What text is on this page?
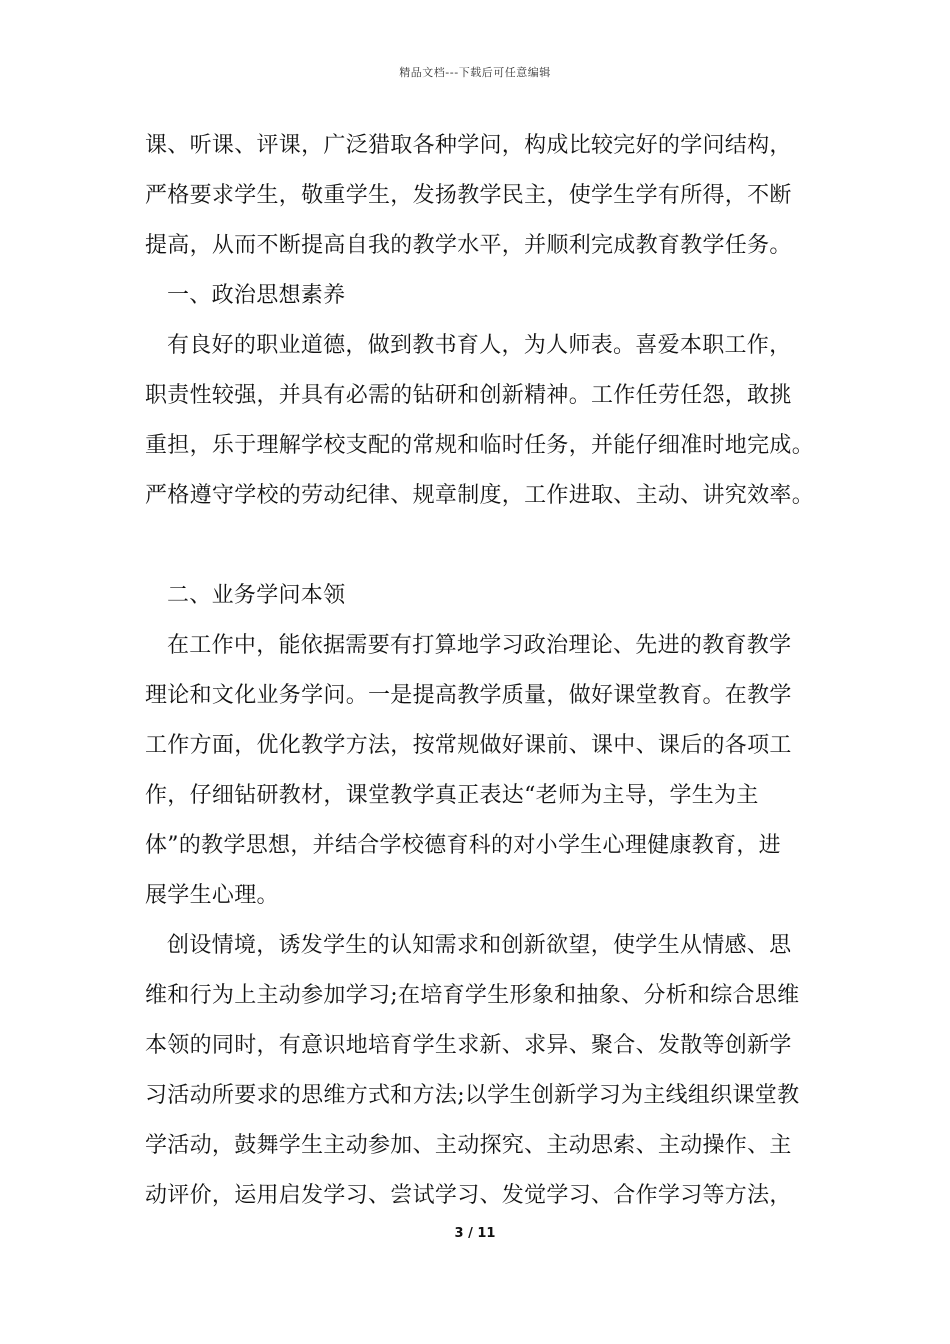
精品文档---下载后可任意编辑
课、听课、评课，广泛猎取各种学问，构成比较完好的学问结构，
严格要求学生，敬重学生，发扬教学民主，使学生学有所得，不断
提高，从而不断提高自我的教学水平，并顺利完成教育教学任务。
一、政治思想素养
有良好的职业道德，做到教书育人，为人师表。喜爱本职工作，
职责性较强，并具有必需的钻研和创新精神。工作任劳任怨，敢挑
重担，乐于理解学校支配的常规和临时任务，并能仔细准时地完成。
严格遵守学校的劳动纪律、规章制度，工作进取、主动、讲究效率。
二、业务学问本领
在工作中，能依据需要有打算地学习政治理论、先进的教育教学
理论和文化业务学问。一是提高教学质量，做好课堂教育。在教学
工作方面，优化教学方法，按常规做好课前、课中、课后的各项工
作，仔细钻研教材，课堂教学真正表达“老师为主导，学生为主
体”的教学思想，并结合学校德育科的对小学生心理健康教育，进
展学生心理。
创设情境，诱发学生的认知需求和创新欲望，使学生从情感、思
维和行为上主动参加学习;在培育学生形象和抽象、分析和综合思维
本领的同时，有意识地培育学生求新、求异、聚合、发散等创新学
习活动所要求的思维方式和方法;以学生创新学习为主线组织课堂教
学活动，鼓舞学生主动参加、主动探究、主动思索、主动操作、主
动评价，运用启发学习、尝试学习、发觉学习、合作学习等方法，
3 / 11
